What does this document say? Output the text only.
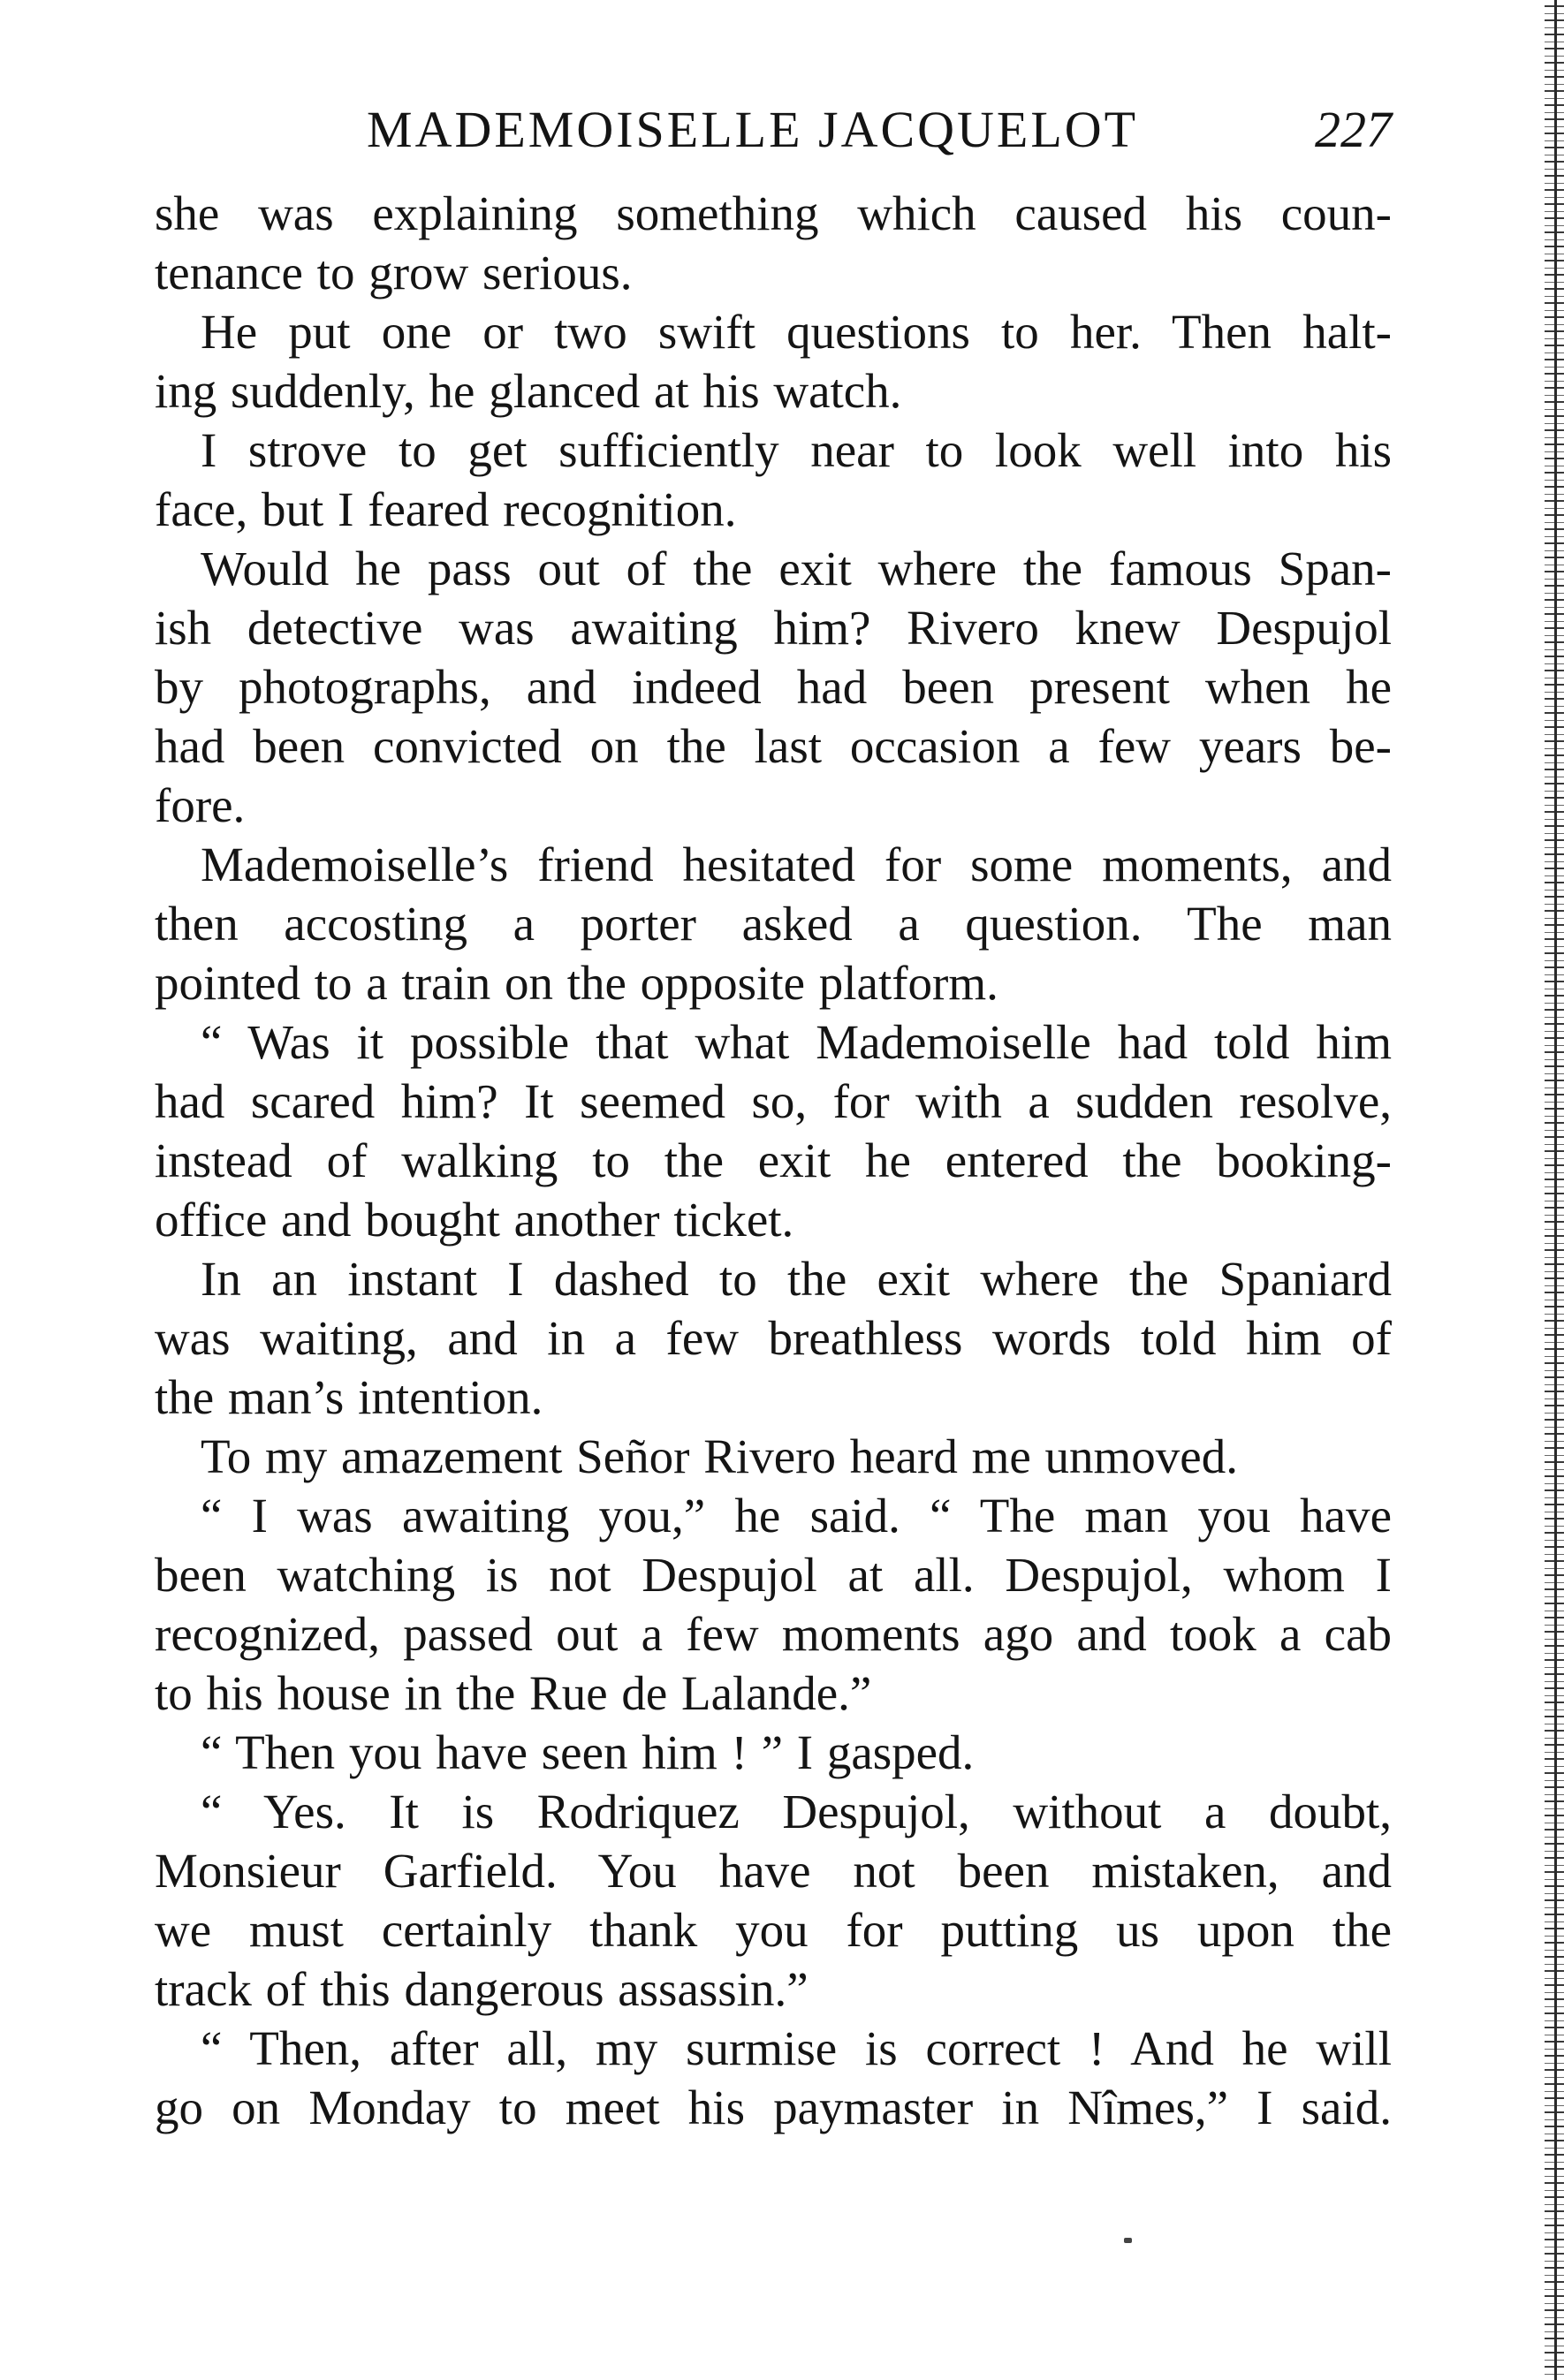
MADEMOISELLE JACQUELOT	227

she was explaining something which caused his coun-
tenance to grow serious.

He put one or two swift questions to her. Then halt-
ing suddenly, he glanced at his watch.

I strove to get sufficiently near to look well into his
face, but I feared recognition.

Would he pass out of the exit where the famous Span-
ish detective was awaiting him? Rivero knew Despujol
by photographs, and indeed had been present when he
had been convicted on the last occasion a few years be-
fore.

Mademoiselle’s friend hesitated for some moments, and
then accosting a porter asked a question. The man
pointed to a train on the opposite platform.

“ Was it possible that what Mademoiselle had told him
had scared him? It seemed so, for with a sudden resolve,
instead of walking to the exit he entered the booking-
office and bought another ticket.

In an instant I dashed to the exit where the Spaniard
was waiting, and in a few breathless words told him of
the man’s intention.

To my amazement Señor Rivero heard me unmoved.

“ I was awaiting you,” he said. “ The man you have
been watching is not Despujol at all. Despujol, whom I
recognized, passed out a few moments ago and took a cab
to his house in the Rue de Lalande.”

“ Then you have seen him ! ” I gasped.

“ Yes. It is Rodriquez Despujol, without a doubt,
Monsieur Garfield. You have not been mistaken, and
we must certainly thank you for putting us upon the
track of this dangerous assassin.”

“ Then, after all, my surmise is correct ! And he will
go on Monday to meet his paymaster in Nîmes,” I said.
